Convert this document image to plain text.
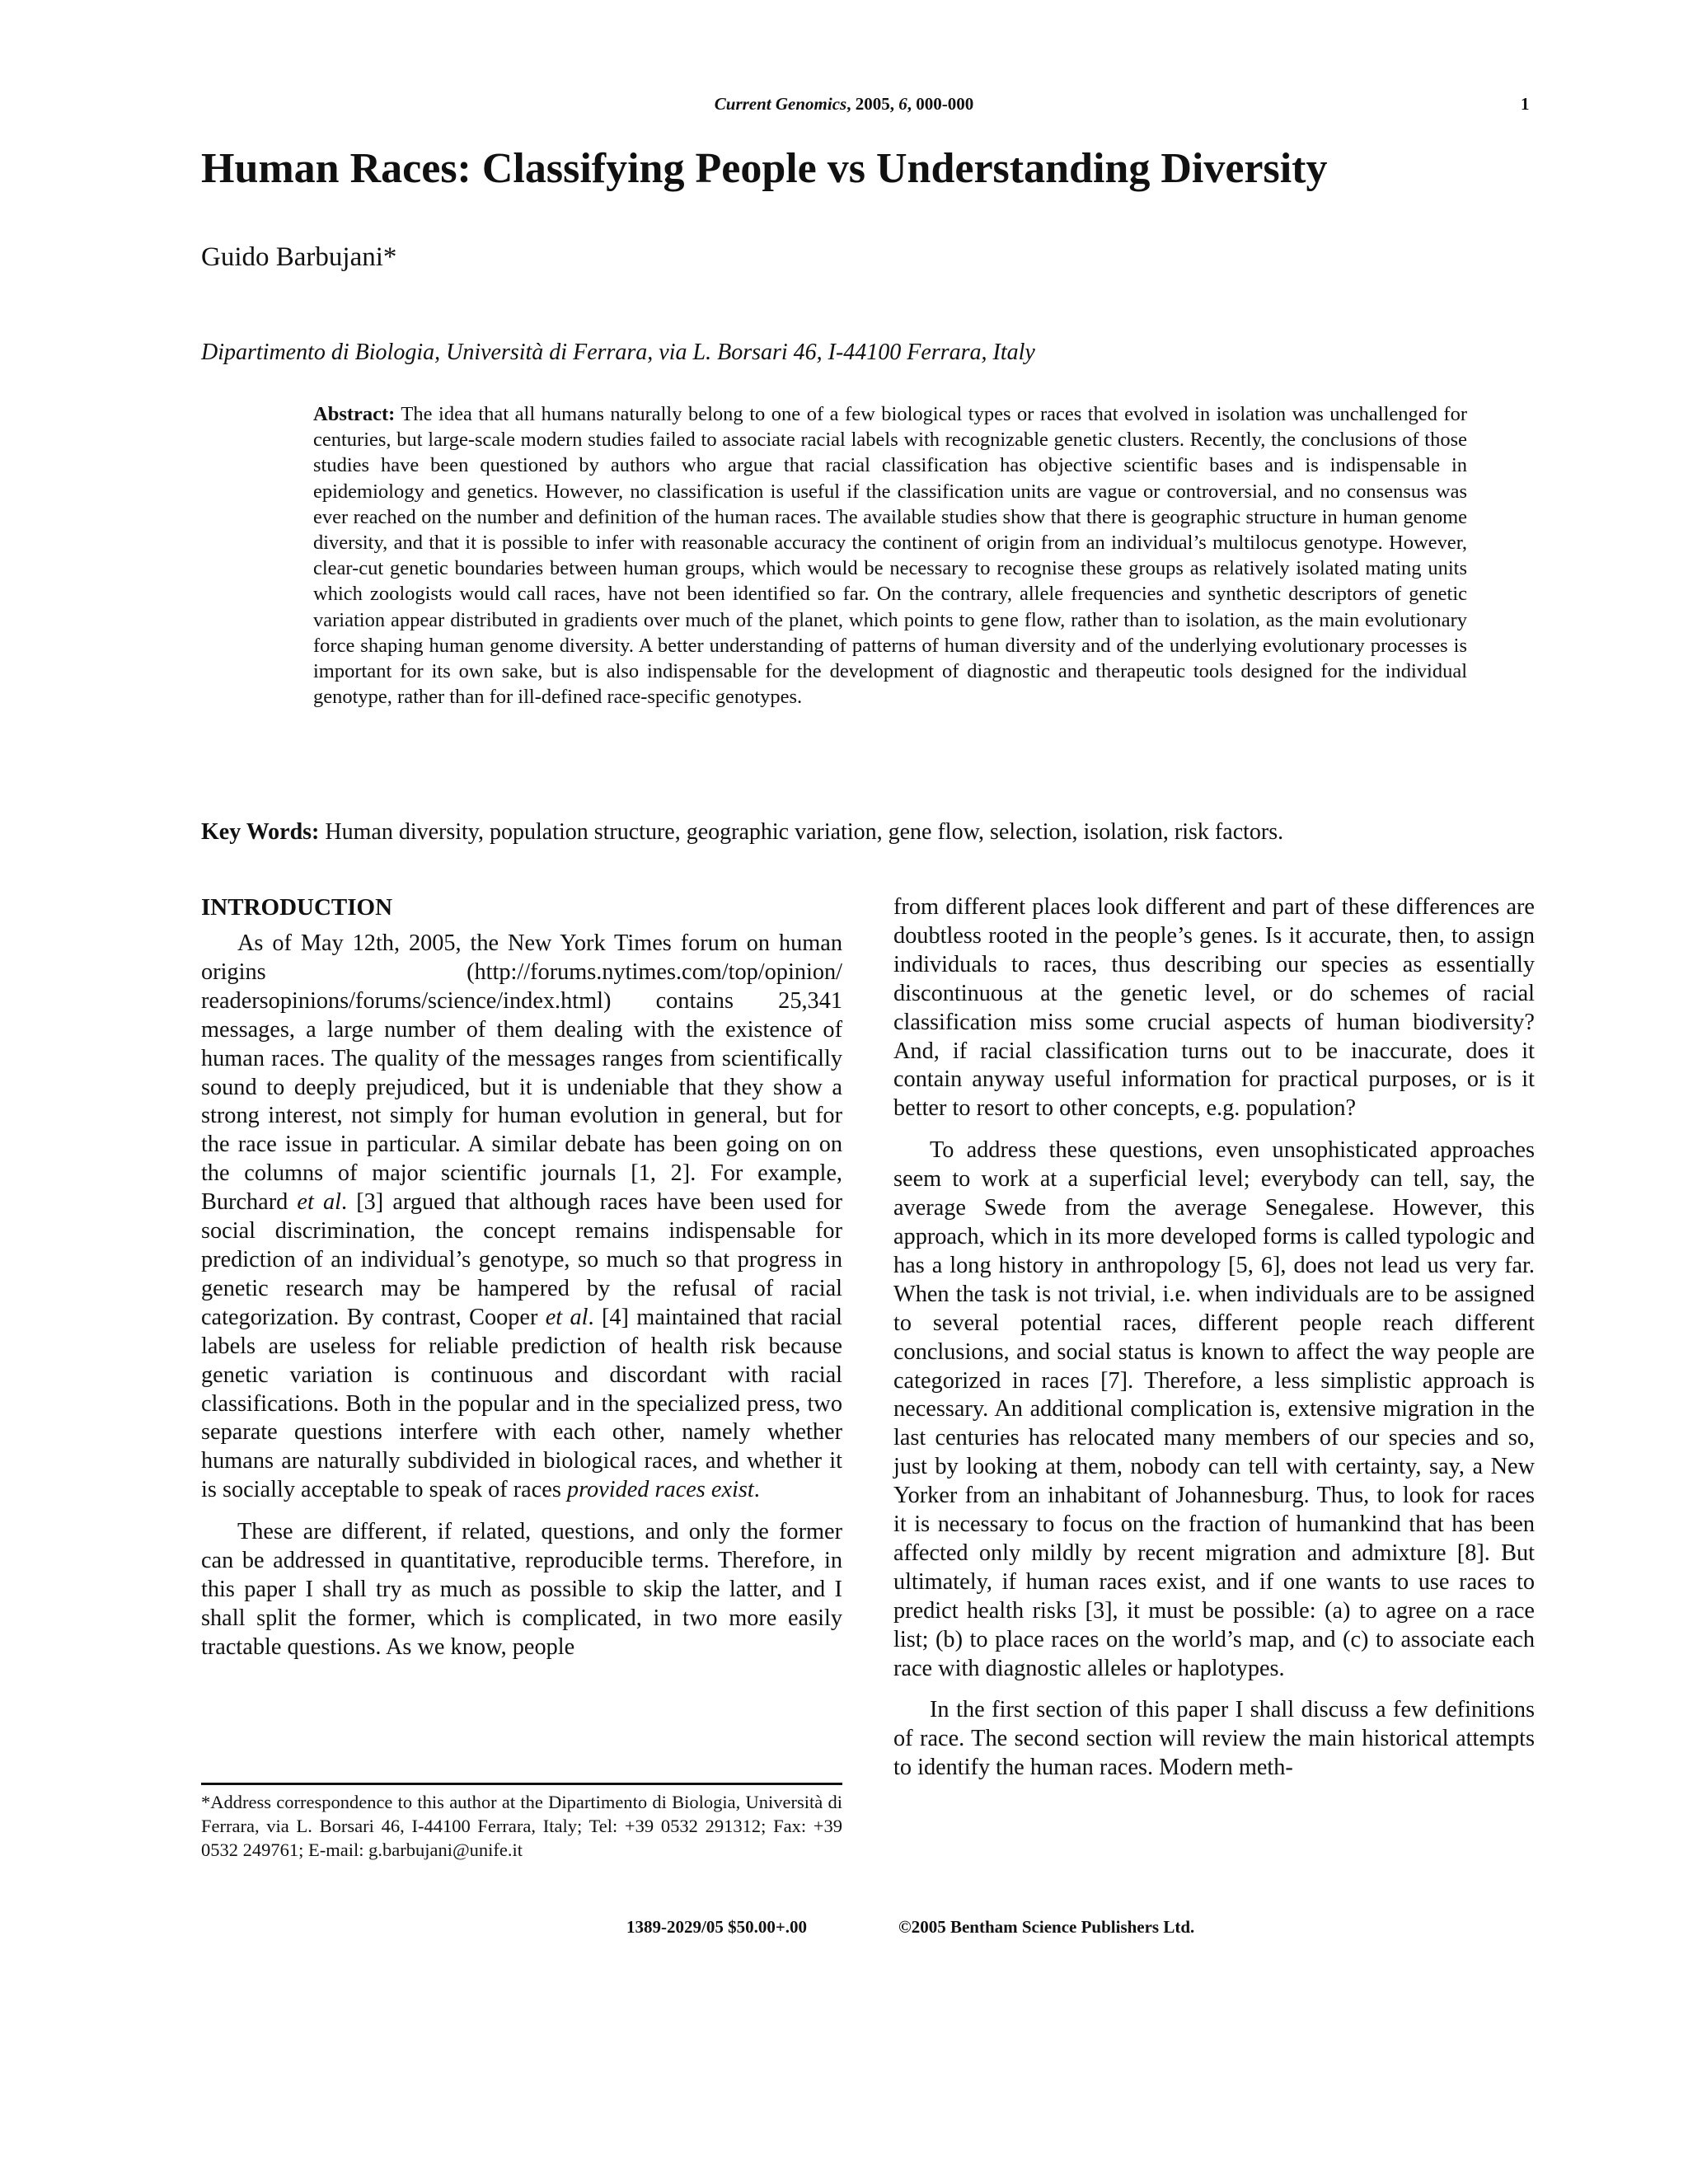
Current Genomics, 2005, 6, 000-000	1
Human Races: Classifying People vs Understanding Diversity
Guido Barbujani*
Dipartimento di Biologia, Università di Ferrara, via L. Borsari 46, I-44100 Ferrara, Italy

Abstract: The idea that all humans naturally belong to one of a few biological types or races that evolved in isolation was unchallenged for centuries, but large-scale modern studies failed to associate racial labels with recognizable genetic clusters. Recently, the conclusions of those studies have been questioned by authors who argue that racial classification has objective scientific bases and is indispensable in epidemiology and genetics. However, no classification is useful if the classification units are vague or controversial, and no consensus was ever reached on the number and definition of the human races. The available studies show that there is geographic structure in human genome diversity, and that it is possible to infer with reasonable accuracy the continent of origin from an individual’s multilocus genotype. However, clear-cut genetic boundaries between human groups, which would be necessary to recognise these groups as relatively isolated mating units which zoologists would call races, have not been identified so far. On the contrary, allele frequencies and synthetic descriptors of genetic variation appear distributed in gradients over much of the planet, which points to gene flow, rather than to isolation, as the main evolutionary force shaping human genome diversity. A better understanding of patterns of human diversity and of the underlying evolutionary processes is important for its own sake, but is also indispensable for the development of diagnostic and therapeutic tools designed for the individual genotype, rather than for ill-defined race-specific genotypes.

Key Words: Human diversity, population structure, geographic variation, gene flow, selection, isolation, risk factors.

INTRODUCTION

As of May 12th, 2005, the New York Times forum on human origins (http://forums.nytimes.com/top/opinion/ readersopinions/forums/science/index.html) contains 25,341 messages, a large number of them dealing with the existence of human races. The quality of the messages ranges from scientifically sound to deeply prejudiced, but it is undeniable that they show a strong interest, not simply for human evolution in general, but for the race issue in particular. A similar debate has been going on on the columns of major scientific journals [1, 2]. For example, Burchard et al. [3] argued that although races have been used for social discrimination, the concept remains indispensable for prediction of an individual’s genotype, so much so that progress in genetic research may be hampered by the refusal of racial categorization. By contrast, Cooper et al. [4] maintained that racial labels are useless for reliable prediction of health risk because genetic variation is continuous and discordant with racial classifications. Both in the popular and in the specialized press, two separate questions interfere with each other, namely whether humans are naturally subdivided in biological races, and whether it is socially acceptable to speak of races provided races exist.

These are different, if related, questions, and only the former can be addressed in quantitative, reproducible terms. Therefore, in this paper I shall try as much as possible to skip the latter, and I shall split the former, which is complicated, in two more easily tractable questions. As we know, people

from different places look different and part of these differences are doubtless rooted in the people’s genes. Is it accurate, then, to assign individuals to races, thus describing our species as essentially discontinuous at the genetic level, or do schemes of racial classification miss some crucial aspects of human biodiversity? And, if racial classification turns out to be inaccurate, does it contain anyway useful information for practical purposes, or is it better to resort to other concepts, e.g. population?

To address these questions, even unsophisticated approaches seem to work at a superficial level; everybody can tell, say, the average Swede from the average Senegalese. However, this approach, which in its more developed forms is called typologic and has a long history in anthropology [5, 6], does not lead us very far. When the task is not trivial, i.e. when individuals are to be assigned to several potential races, different people reach different conclusions, and social status is known to affect the way people are categorized in races [7]. Therefore, a less simplistic approach is necessary. An additional complication is, extensive migration in the last centuries has relocated many members of our species and so, just by looking at them, nobody can tell with certainty, say, a New Yorker from an inhabitant of Johannesburg. Thus, to look for races it is necessary to focus on the fraction of humankind that has been affected only mildly by recent migration and admixture [8]. But ultimately, if human races exist, and if one wants to use races to predict health risks [3], it must be possible: (a) to agree on a race list; (b) to place races on the world’s map, and (c) to associate each race with diagnostic alleles or haplotypes.

In the first section of this paper I shall discuss a few definitions of race. The second section will review the main historical attempts to identify the human races. Modern meth-

*Address correspondence to this author at the Dipartimento di Biologia, Università di Ferrara, via L. Borsari 46, I-44100 Ferrara, Italy; Tel: +39 0532 291312; Fax: +39 0532 249761; E-mail: g.barbujani@unife.it

1389-2029/05 $50.00+.00	©2005 Bentham Science Publishers Ltd.
